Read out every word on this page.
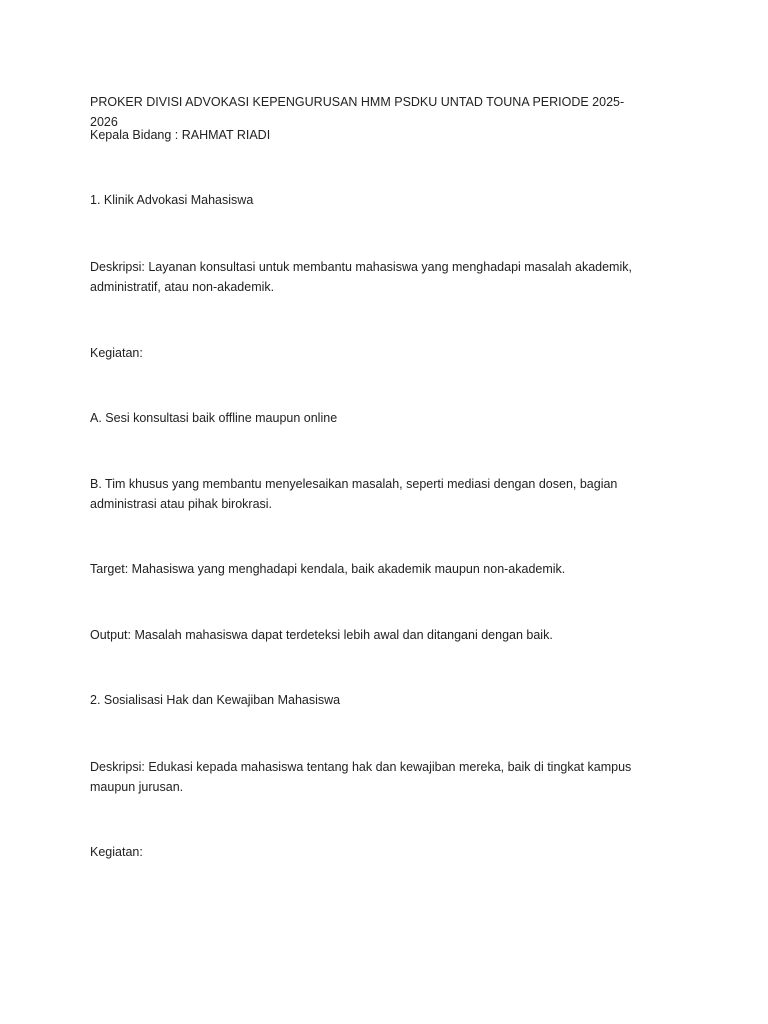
PROKER DIVISI ADVOKASI KEPENGURUSAN HMM PSDKU UNTAD TOUNA PERIODE 2025-2026

Kepala Bidang : RAHMAT RIADI

1. Klinik Advokasi Mahasiswa

Deskripsi: Layanan konsultasi untuk membantu mahasiswa yang menghadapi masalah akademik, administratif, atau non-akademik.

Kegiatan:

A. Sesi konsultasi baik offline maupun online

B. Tim khusus yang membantu menyelesaikan masalah, seperti mediasi dengan dosen, bagian administrasi atau pihak birokrasi.

Target: Mahasiswa yang menghadapi kendala, baik akademik maupun non-akademik.

Output: Masalah mahasiswa dapat terdeteksi lebih awal dan ditangani dengan baik.

2. Sosialisasi Hak dan Kewajiban Mahasiswa

Deskripsi: Edukasi kepada mahasiswa tentang hak dan kewajiban mereka, baik di tingkat kampus maupun jurusan.

Kegiatan:
